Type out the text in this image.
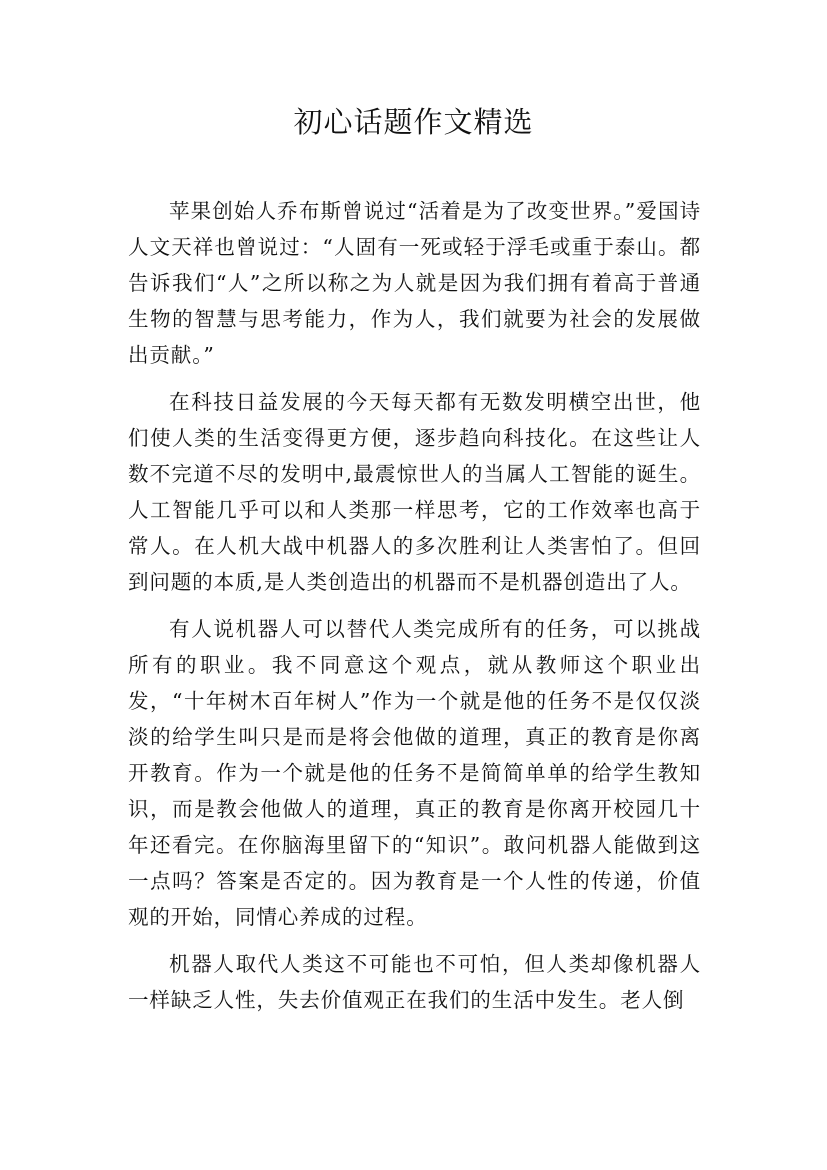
初心话题作文精选

苹果创始人乔布斯曾说过“活着是为了改变世界。”爱国诗人文天祥也曾说过：“人固有一死或轻于浮毛或重于泰山。都告诉我们“人”之所以称之为人就是因为我们拥有着高于普通生物的智慧与思考能力，作为人，我们就要为社会的发展做出贡献。”

在科技日益发展的今天每天都有无数发明横空出世，他们使人类的生活变得更方便，逐步趋向科技化。在这些让人数不完道不尽的发明中,最震惊世人的当属人工智能的诞生。人工智能几乎可以和人类那一样思考，它的工作效率也高于常人。在人机大战中机器人的多次胜利让人类害怕了。但回到问题的本质,是人类创造出的机器而不是机器创造出了人。

有人说机器人可以替代人类完成所有的任务，可以挑战所有的职业。我不同意这个观点，就从教师这个职业出发，“十年树木百年树人”作为一个就是他的任务不是仅仅淡淡的给学生叫只是而是将会他做的道理，真正的教育是你离开教育。作为一个就是他的任务不是简简单单的给学生教知识，而是教会他做人的道理，真正的教育是你离开校园几十年还看完。在你脑海里留下的“知识”。敢问机器人能做到这一点吗？答案是否定的。因为教育是一个人性的传递，价值观的开始，同情心养成的过程。

机器人取代人类这不可能也不可怕，但人类却像机器人一样缺乏人性，失去价值观正在我们的生活中发生。老人倒
